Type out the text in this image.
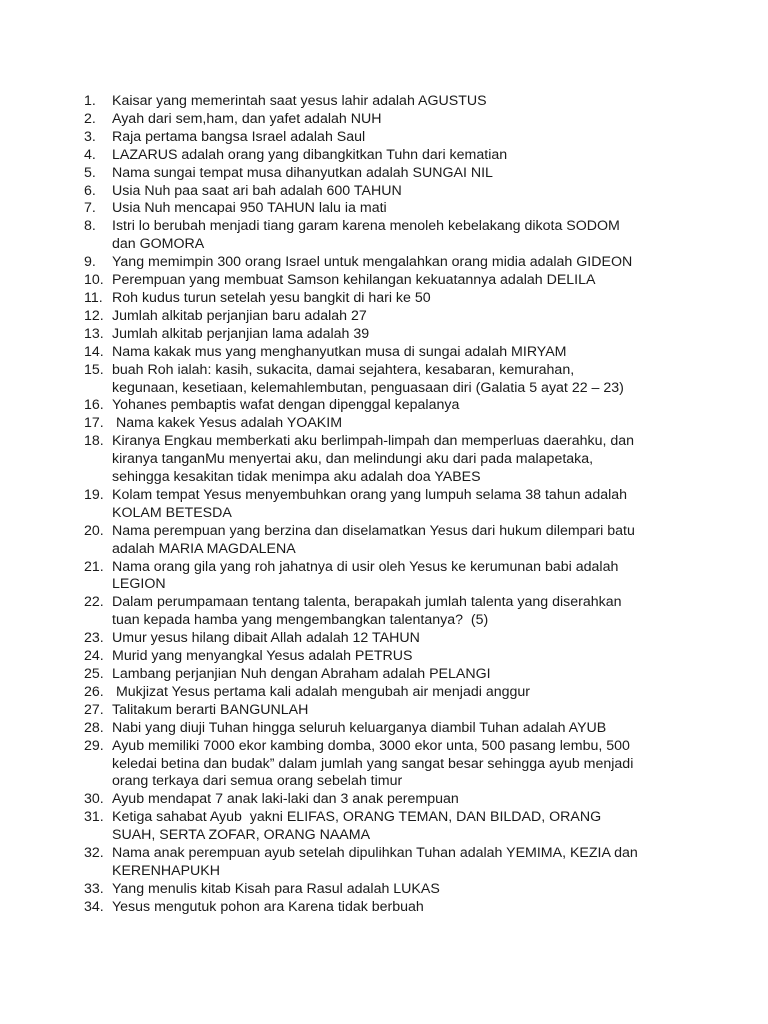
1.	Kaisar yang memerintah saat yesus lahir adalah AGUSTUS
2.	Ayah dari sem,ham, dan yafet adalah NUH
3.	Raja pertama bangsa Israel adalah Saul
4.	LAZARUS adalah orang yang dibangkitkan Tuhn dari kematian
5.	Nama sungai tempat musa dihanyutkan adalah SUNGAI NIL
6.	Usia Nuh paa saat ari bah adalah 600 TAHUN
7.	Usia Nuh mencapai 950 TAHUN lalu ia mati
8.	Istri lo berubah menjadi tiang garam karena menoleh kebelakang dikota SODOM
dan GOMORA
9.	Yang memimpin 300 orang Israel untuk mengalahkan orang midia adalah GIDEON
10. Perempuan yang membuat Samson kehilangan kekuatannya adalah DELILA
11. Roh kudus turun setelah yesu bangkit di hari ke 50
12. Jumlah alkitab perjanjian baru adalah 27
13. Jumlah alkitab perjanjian lama adalah 39
14. Nama kakak mus yang menghanyutkan musa di sungai adalah MIRYAM
15. buah Roh ialah: kasih, sukacita, damai sejahtera, kesabaran, kemurahan,
kegunaan, kesetiaan, kelemahlembutan, penguasaan diri (Galatia 5 ayat 22 – 23)
16. Yohanes pembaptis wafat dengan dipenggal kepalanya
17. Nama kakek Yesus adalah YOAKIM
18. Kiranya Engkau memberkati aku berlimpah-limpah dan memperluas daerahku, dan
kiranya tanganMu menyertai aku, dan melindungi aku dari pada malapetaka,
sehingga kesakitan tidak menimpa aku adalah doa YABES
19. Kolam tempat Yesus menyembuhkan orang yang lumpuh selama 38 tahun adalah
KOLAM BETESDA
20. Nama perempuan yang berzina dan diselamatkan Yesus dari hukum dilempari batu
adalah MARIA MAGDALENA
21. Nama orang gila yang roh jahatnya di usir oleh Yesus ke kerumunan babi adalah
LEGION
22. Dalam perumpamaan tentang talenta, berapakah jumlah talenta yang diserahkan
tuan kepada hamba yang mengembangkan talentanya?  (5)
23. Umur yesus hilang dibait Allah adalah 12 TAHUN
24. Murid yang menyangkal Yesus adalah PETRUS
25. Lambang perjanjian Nuh dengan Abraham adalah PELANGI
26. Mukjizat Yesus pertama kali adalah mengubah air menjadi anggur
27. Talitakum berarti BANGUNLAH
28. Nabi yang diuji Tuhan hingga seluruh keluarganya diambil Tuhan adalah AYUB
29. Ayub memiliki 7000 ekor kambing domba, 3000 ekor unta, 500 pasang lembu, 500
keledai betina dan budak” dalam jumlah yang sangat besar sehingga ayub menjadi
orang terkaya dari semua orang sebelah timur
30. Ayub mendapat 7 anak laki-laki dan 3 anak perempuan
31. Ketiga sahabat Ayub  yakni ELIFAS, ORANG TEMAN, DAN BILDAD, ORANG
SUAH, SERTA ZOFAR, ORANG NAAMA
32. Nama anak perempuan ayub setelah dipulihkan Tuhan adalah YEMIMA, KEZIA dan
KERENHAPUKH
33. Yang menulis kitab Kisah para Rasul adalah LUKAS
34. Yesus mengutuk pohon ara Karena tidak berbuah
